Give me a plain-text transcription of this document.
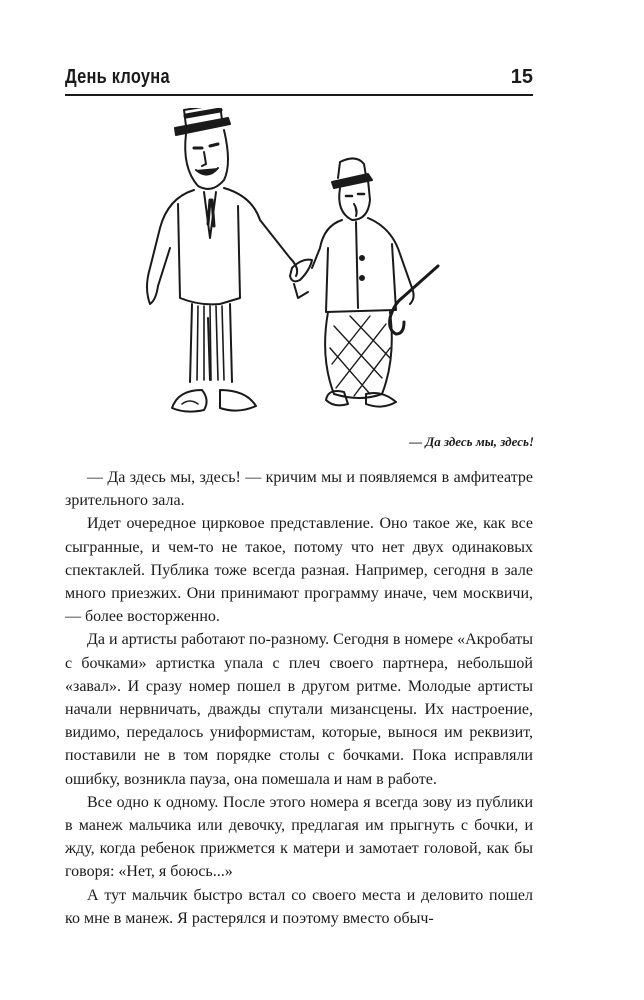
День клоуна	15
— Да здесь мы, здесь!

— Да здесь мы, здесь! — кричим мы и появляемся в амфитеатре зрительного зала.

Идет очередное цирковое представление. Оно такое же, как все сыгранные, и чем-то не такое, потому что нет двух одинаковых спектаклей. Публика тоже всегда разная. Например, сегодня в зале много приезжих. Они принимают программу иначе, чем москвичи, — более восторженно.

Да и артисты работают по-разному. Сегодня в номере «Акробаты с бочками» артистка упала с плеч своего партнера, небольшой «завал». И сразу номер пошел в другом ритме. Молодые артисты начали нервничать, дважды спутали мизансцены. Их настроение, видимо, передалось униформистам, которые, вынося им реквизит, поставили не в том порядке столы с бочками. Пока исправляли ошибку, возникла пауза, она помешала и нам в работе.

Все одно к одному. После этого номера я всегда зову из публики в манеж мальчика или девочку, предлагая им прыгнуть с бочки, и жду, когда ребенок прижмется к матери и замотает головой, как бы говоря: «Нет, я боюсь...»

А тут мальчик быстро встал со своего места и деловито пошел ко мне в манеж. Я растерялся и поэтому вместо обыч-
